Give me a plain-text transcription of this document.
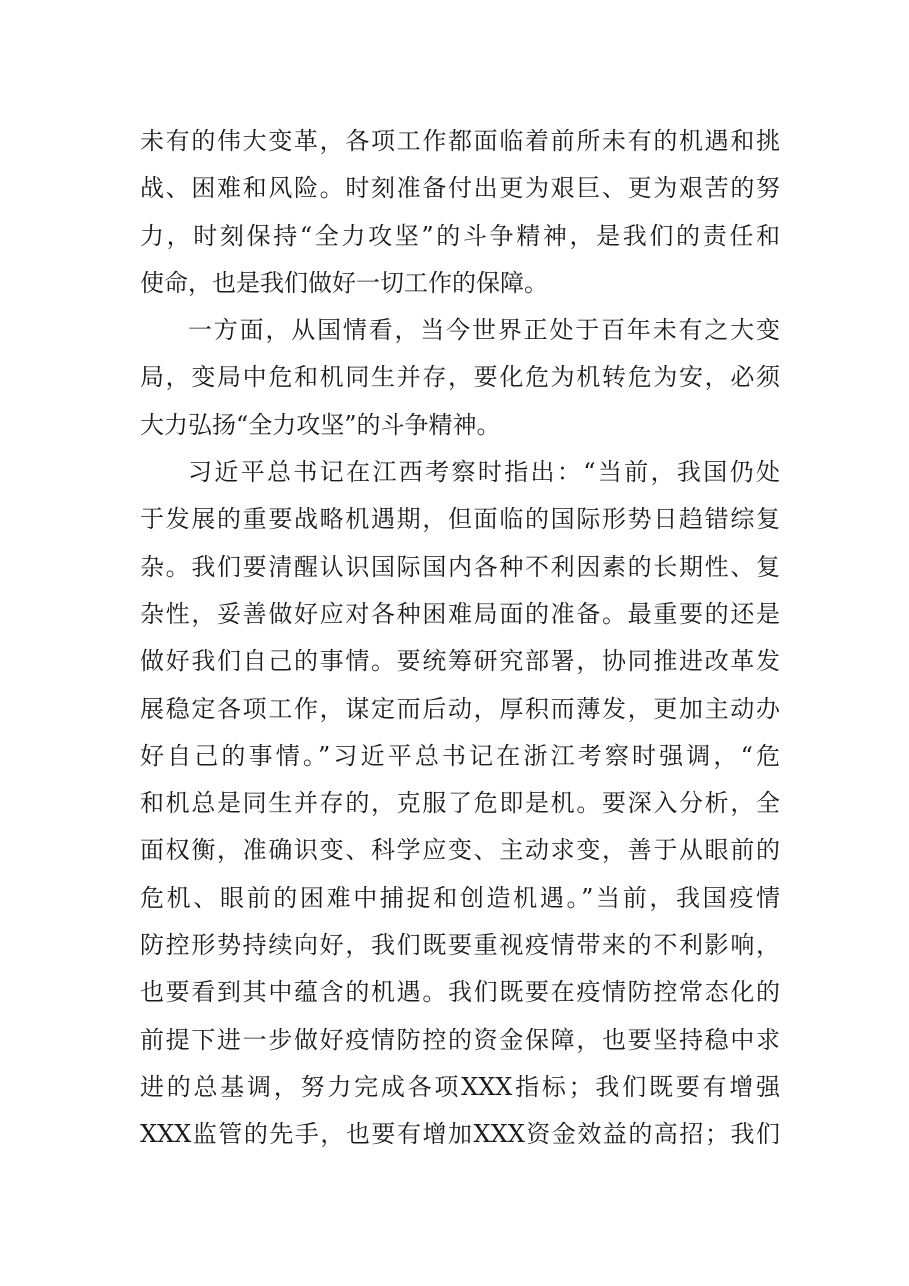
未有的伟大变革，各项工作都面临着前所未有的机遇和挑
战、困难和风险。时刻准备付出更为艰巨、更为艰苦的努
力，时刻保持“全力攻坚”的斗争精神，是我们的责任和
使命，也是我们做好一切工作的保障。
一方面，从国情看，当今世界正处于百年未有之大变
局，变局中危和机同生并存，要化危为机转危为安，必须
大力弘扬“全力攻坚”的斗争精神。
习近平总书记在江西考察时指出：“当前，我国仍处
于发展的重要战略机遇期，但面临的国际形势日趋错综复
杂。我们要清醒认识国际国内各种不利因素的长期性、复
杂性，妥善做好应对各种困难局面的准备。最重要的还是
做好我们自己的事情。要统筹研究部署，协同推进改革发
展稳定各项工作，谋定而后动，厚积而薄发，更加主动办
好自己的事情。”习近平总书记在浙江考察时强调，“危
和机总是同生并存的，克服了危即是机。要深入分析，全
面权衡，准确识变、科学应变、主动求变，善于从眼前的
危机、眼前的困难中捕捉和创造机遇。”当前，我国疫情
防控形势持续向好，我们既要重视疫情带来的不利影响，
也要看到其中蕴含的机遇。我们既要在疫情防控常态化的
前提下进一步做好疫情防控的资金保障，也要坚持稳中求
进的总基调，努力完成各项XXX指标；我们既要有增强
XXX监管的先手，也要有增加XXX资金效益的高招；我们
